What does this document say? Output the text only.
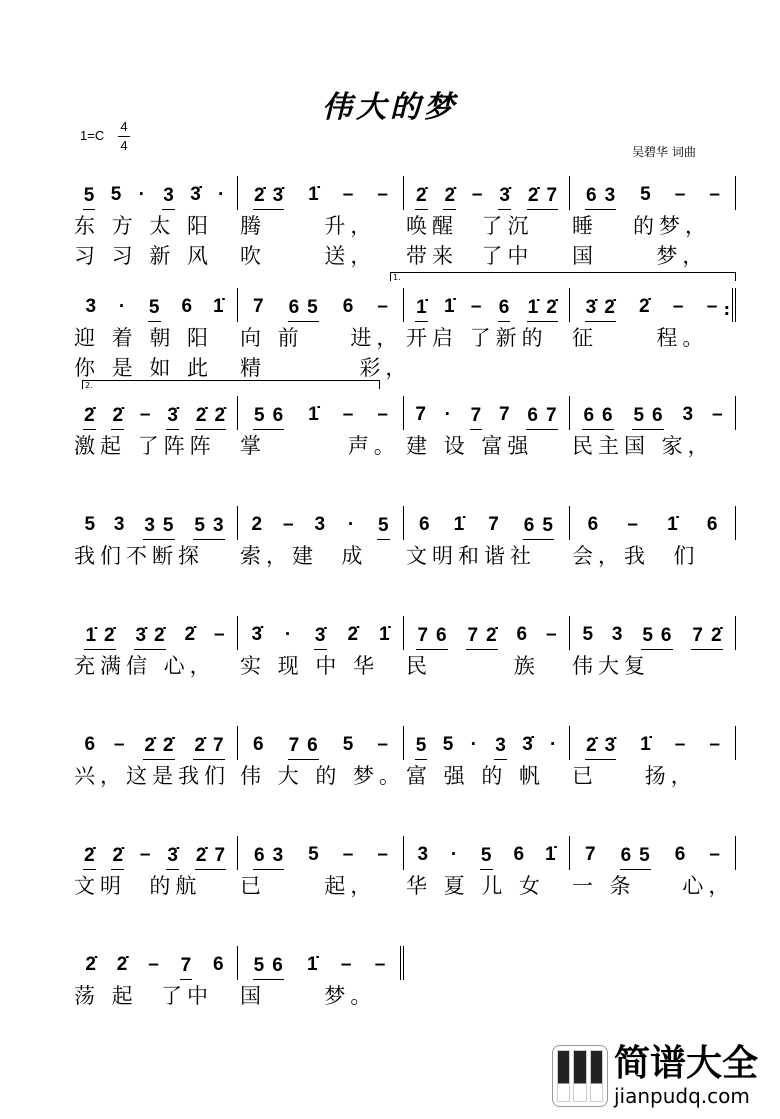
伟大的梦
$1=C \frac{4}{4}$	吴碧华 词曲
5 5 · 3 3̇ · 2̇ 3̇ 1̇ – – 2̇ 2̇ – 3̇ 2̇ 7 6 3 5 – –
东 方 太 阳	腾     升，	唤醒  了沉	睡   的梦，
习 习 新 风	吹     送，	带来  了中	国     梦，
3 · 5 6 1̇ 7 6 5 6 – 1̇ 1̇ – 6 1̇ 2̇ 3̇ 2̇ 2̇ – –
:
迎 着 朝 阳	向 前    进， 开启 了新的	征     程。
你 是 如 此	精        彩，
2̇ 2̇ – 3̇ 2̇ 2̇ 5 6 1̇ – – 7 · 7 7 6 7 6 6 5 6 3 –
激起 了阵阵	掌       声。 建 设 富强	民主国 家，
5 3 3 5 5 3 2 – 3 · 5 6 1̇ 7 6 5 6 – 1̇ 6
我们不断探	索，建  成	文明和谐社	会，我  们
1̇ 2̇ 3̇ 2̇ 2̇ – 3̇ · 3̇ 2̇ 1̇ 7 6 7 2̇ 6 – 5 3 5 6 7 2̇
充满信 心，	实 现 中 华	民       族	伟大复
6 – 2̇ 2̇ 2̇ 7 6 7 6 5 – 5 5 · 3 3̇ · 2̇ 3̇ 1̇ – –
兴，这是我们 伟 大 的 梦。 富 强 的 帆	已    扬，
2̇ 2̇ – 3̇ 2̇ 7 6 3 5 – – 3 · 5 6 1̇ 7 6 5 6 –
文明  的航	已     起，	华 夏 儿 女	一 条    心，
2̇ 2̇ – 7 6 5 6 1̇ – –
荡 起  了中	国     梦。
1.
2.
简谱大全
jianpudq.com
